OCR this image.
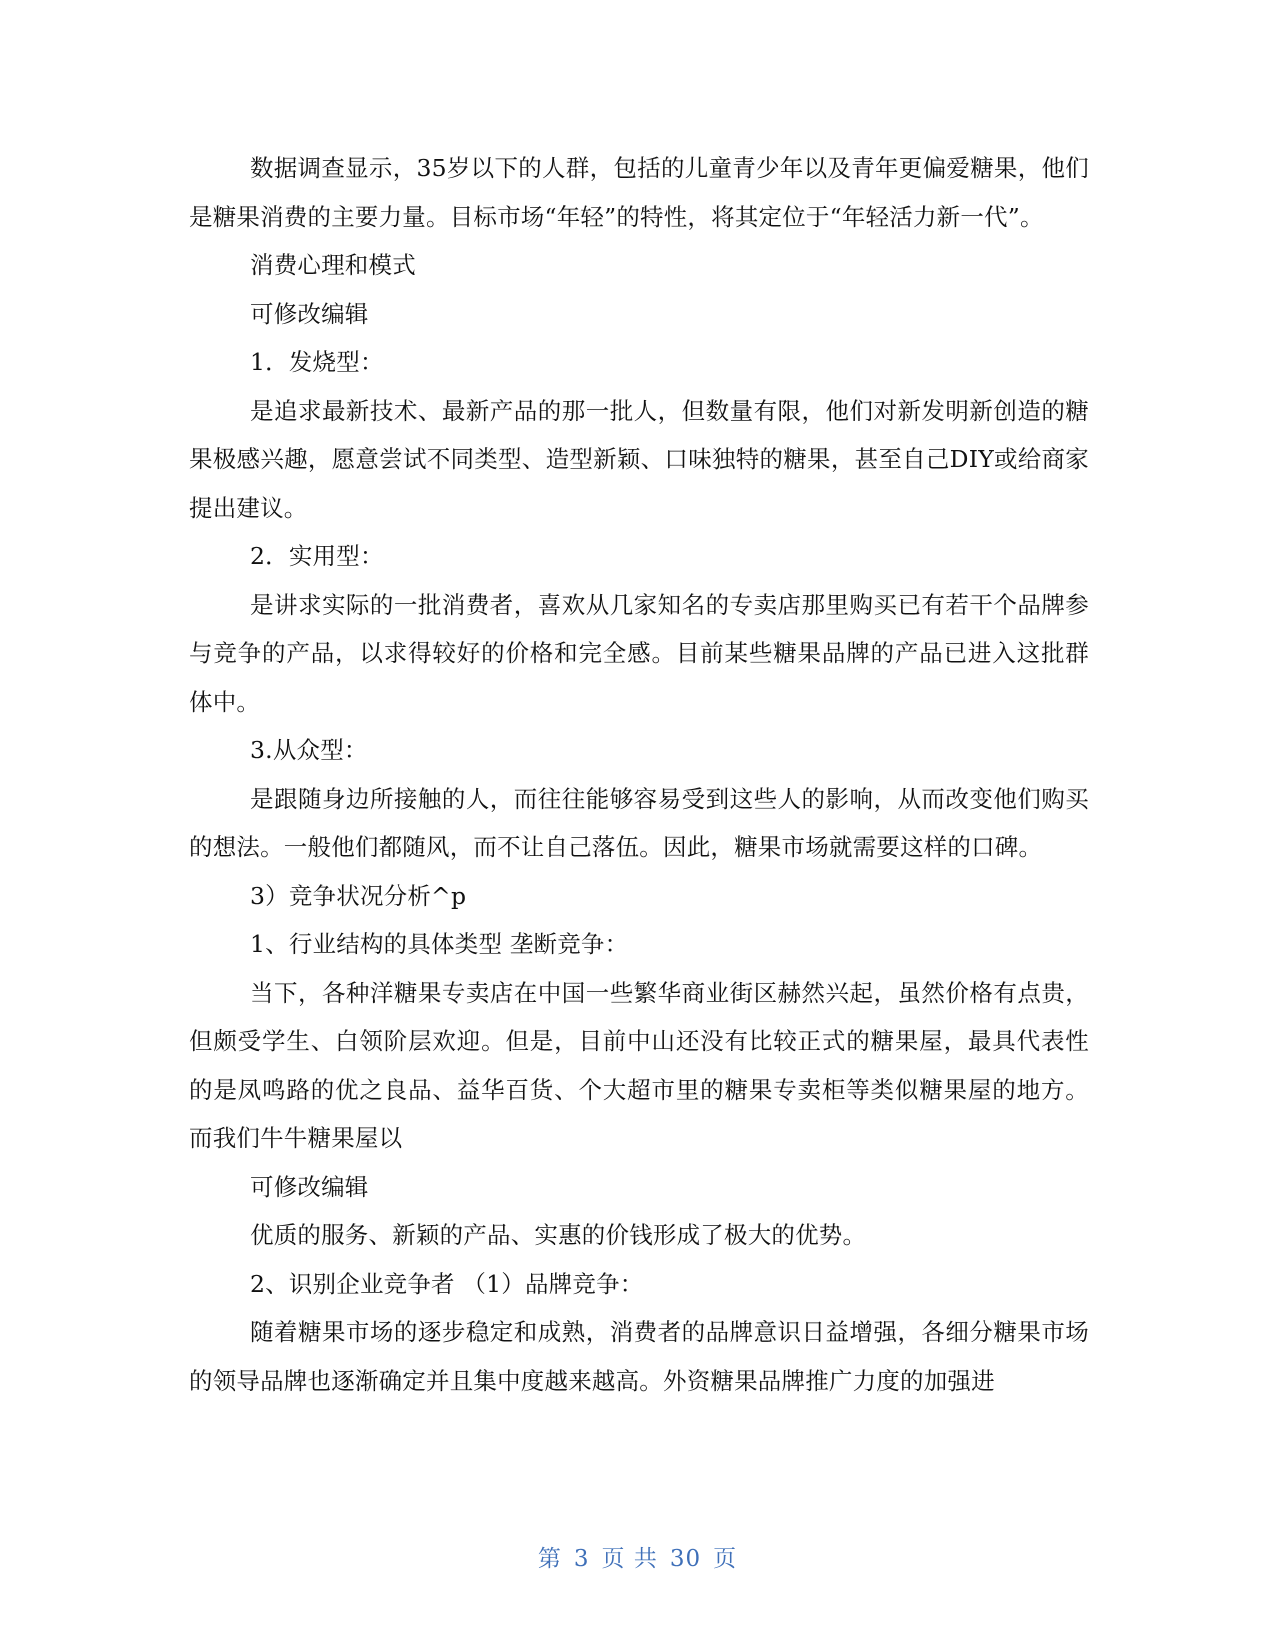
数据调查显示，35岁以下的人群，包括的儿童青少年以及青年更偏爱糖果，他们是糖果消费的主要力量。目标市场“年轻”的特性，将其定位于“年轻活力新一代”。

消费心理和模式

可修改编辑

1．发烧型：

是追求最新技术、最新产品的那一批人，但数量有限，他们对新发明新创造的糖果极感兴趣，愿意尝试不同类型、造型新颖、口味独特的糖果，甚至自己DIY或给商家提出建议。

2．实用型：

是讲求实际的一批消费者，喜欢从几家知名的专卖店那里购买已有若干个品牌参与竞争的产品，以求得较好的价格和完全感。目前某些糖果品牌的产品已进入这批群体中。

3.从众型：

是跟随身边所接触的人，而往往能够容易受到这些人的影响，从而改变他们购买的想法。一般他们都随风，而不让自己落伍。因此，糖果市场就需要这样的口碑。

3）竞争状况分析^p

1、行业结构的具体类型 垄断竞争：

当下，各种洋糖果专卖店在中国一些繁华商业街区赫然兴起，虽然价格有点贵，但颇受学生、白领阶层欢迎。但是，目前中山还没有比较正式的糖果屋，最具代表性的是凤鸣路的优之良品、益华百货、个大超市里的糖果专卖柜等类似糖果屋的地方。而我们牛牛糖果屋以

可修改编辑

优质的服务、新颖的产品、实惠的价钱形成了极大的优势。

2、识别企业竞争者 （1）品牌竞争：

随着糖果市场的逐步稳定和成熟，消费者的品牌意识日益增强，各细分糖果市场的领导品牌也逐渐确定并且集中度越来越高。外资糖果品牌推广力度的加强进

第 3 页 共 30 页
